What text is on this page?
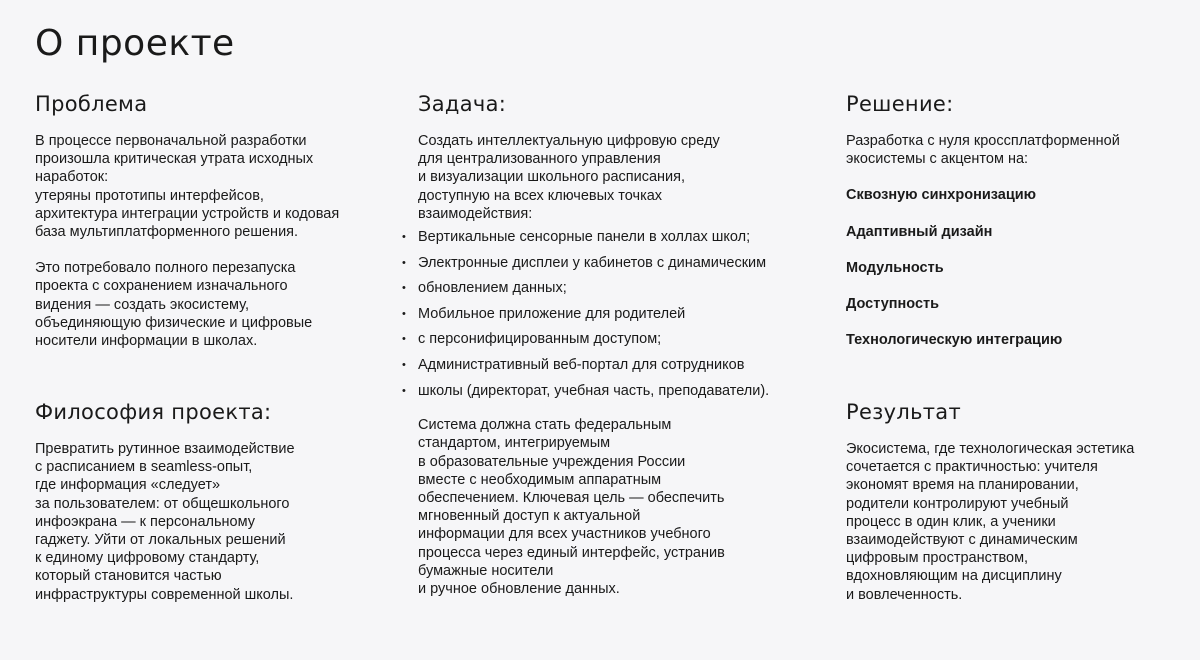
О проекте
Проблема

В процессе первоначальной разработки
произошла критическая утрата исходных
наработок:
утеряны прототипы интерфейсов,
архитектура интеграции устройств и кодовая
база мультиплатформенного решения.

Это потребовало полного перезапуска
проекта с сохранением изначального
видения — создать экосистему,
объединяющую физические и цифровые
носители информации в школах.

Философия проекта:

Превратить рутинное взаимодействие
с расписанием в seamless-опыт,
где информация «следует»
за пользователем: от общешкольного
инфоэкрана — к персональному
гаджету. Уйти от локальных решений
к единому цифровому стандарту,
который становится частью
инфраструктуры современной школы.

Задача:

Создать интеллектуальную цифровую среду
для централизованного управления
и визуализации школьного расписания,
доступную на всех ключевых точках
взаимодействия:

• Вертикальные сенсорные панели в холлах школ;
• Электронные дисплеи у кабинетов с динамическим
• обновлением данных;
• Мобильное приложение для родителей
• с персонифицированным доступом;
• Административный веб-портал для сотрудников
• школы (директорат, учебная часть, преподаватели).

Система должна стать федеральным
стандартом, интегрируемым
в образовательные учреждения России
вместе с необходимым аппаратным
обеспечением. Ключевая цель — обеспечить
мгновенный доступ к актуальной
информации для всех участников учебного
процесса через единый интерфейс, устранив
бумажные носители
и ручное обновление данных.

Решение:

Разработка с нуля кроссплатформенной
экосистемы с акцентом на:

Сквозную синхронизацию
Адаптивный дизайн
Модульность
Доступность
Технологическую интеграцию
Результат

Экосистема, где технологическая эстетика
сочетается с практичностью: учителя
экономят время на планировании,
родители контролируют учебный
процесс в один клик, а ученики
взаимодействуют с динамическим
цифровым пространством,
вдохновляющим на дисциплину
и вовлеченность.
